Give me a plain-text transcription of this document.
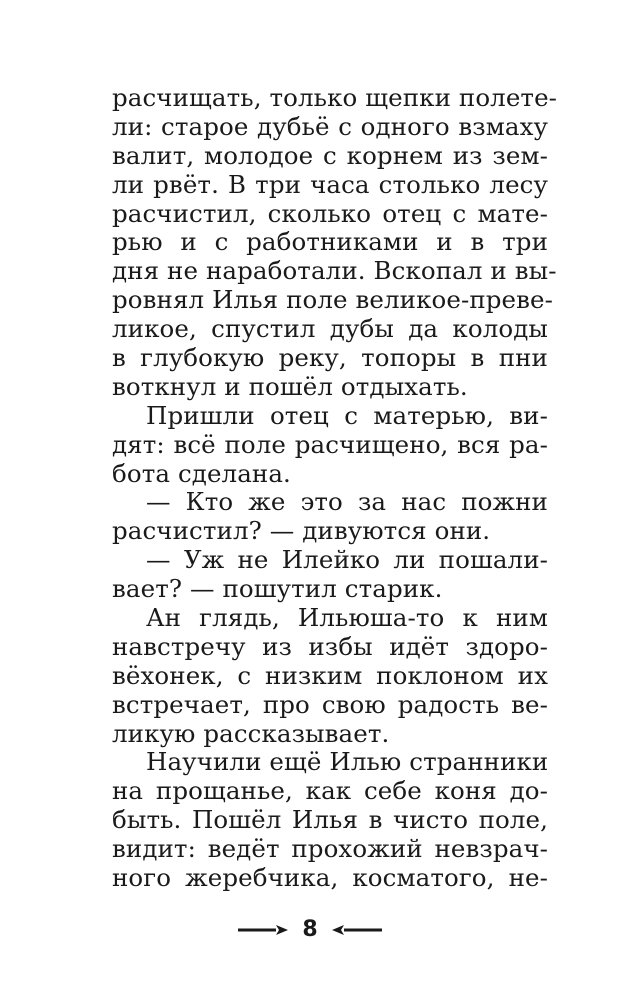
расчищать, только щепки полете-
ли: старое дубьё с одного взмаху
валит, молодое с корнем из зем-
ли рвёт. В три часа столько лесу
расчистил, сколько отец с мате-
рью и с работниками и в три
дня не наработали. Вскопал и вы-
ровнял Илья поле великое-преве-
ликое, спустил дубы да колоды
в глубокую реку, топоры в пни
воткнул и пошёл отдыхать.
Пришли отец с матерью, ви-
дят: всё поле расчищено, вся ра-
бота сделана.
— Кто же это за нас пожни
расчистил? — дивуются они.
— Уж не Илейко ли пошали-
вает? — пошутил старик.
Ан глядь, Ильюша-то к ним
навстречу из избы идёт здоро-
вёхонек, с низким поклоном их
встречает, про свою радость ве-
ликую рассказывает.
Научили ещё Илью странники
на прощанье, как себе коня до-
быть. Пошёл Илья в чисто поле,
видит: ведёт прохожий невзрач-
ного жеребчика, косматого, не-
8
